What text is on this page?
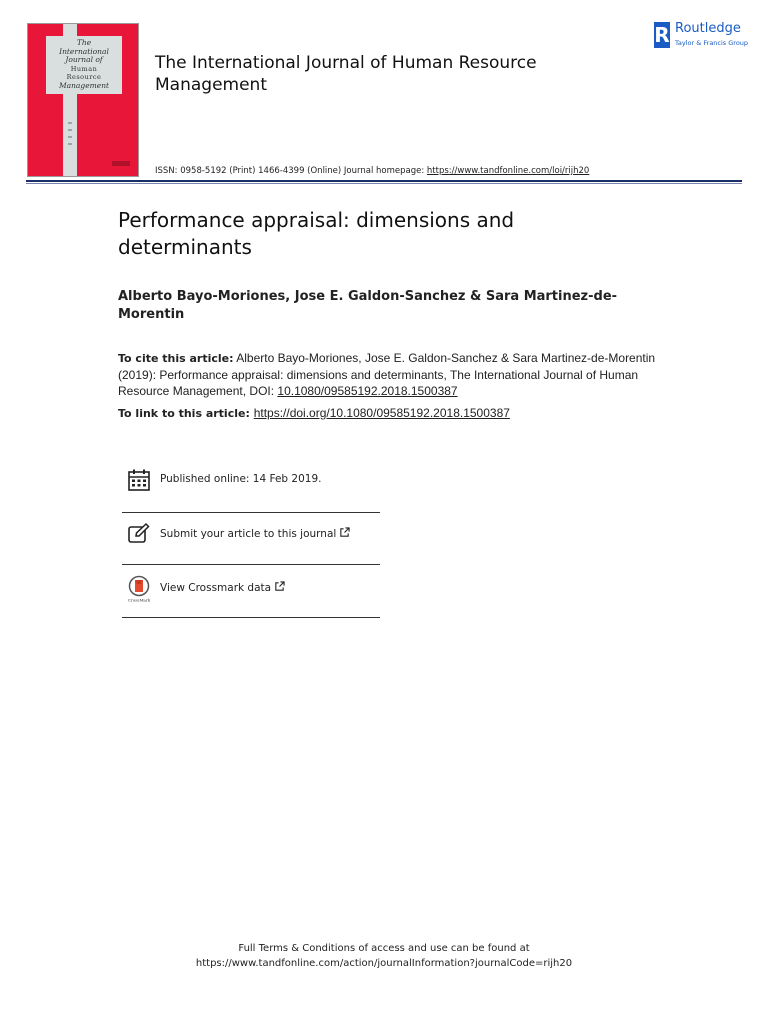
The
International
Journal of
Human
Resource
Management
The International Journal of Human Resource Management
R Routledge
Taylor & Francis Group
ISSN: 0958-5192 (Print) 1466-4399 (Online) Journal homepage: https://www.tandfonline.com/loi/rijh20
Performance appraisal: dimensions and determinants
Alberto Bayo-Moriones, Jose E. Galdon-Sanchez & Sara Martinez-de-Morentin
To cite this article: Alberto Bayo-Moriones, Jose E. Galdon-Sanchez & Sara Martinez-de-Morentin (2019): Performance appraisal: dimensions and determinants, The International Journal of Human Resource Management, DOI: 10.1080/09585192.2018.1500387
To link to this article: https://doi.org/10.1080/09585192.2018.1500387
Published online: 14 Feb 2019.
Submit your article to this journal
CrossMark
View Crossmark data
Full Terms & Conditions of access and use can be found at
https://www.tandfonline.com/action/journalInformation?journalCode=rijh20
